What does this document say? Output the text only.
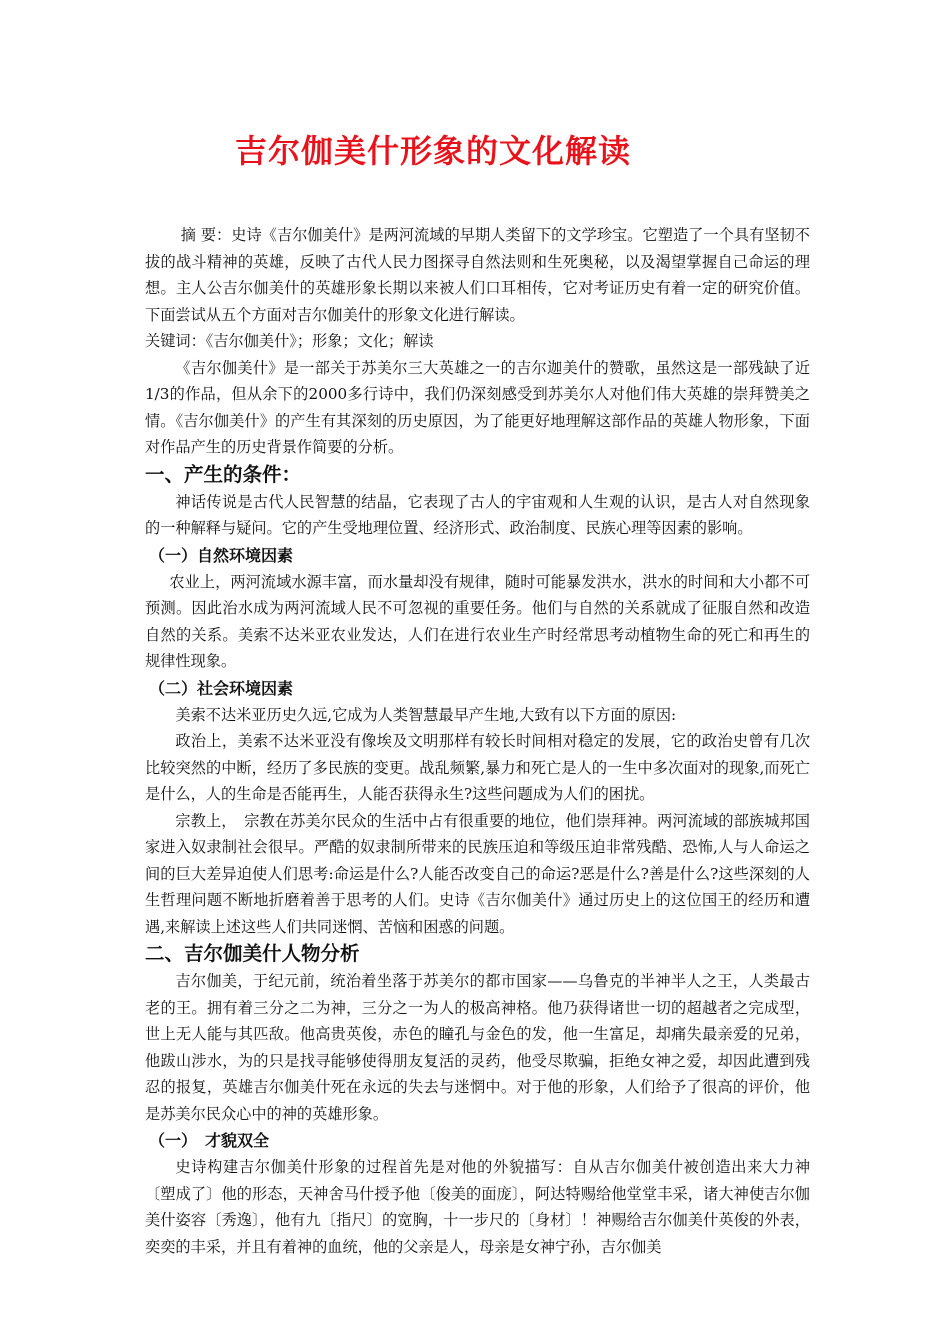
吉尔伽美什形象的文化解读

摘 要：史诗《吉尔伽美什》是两河流域的早期人类留下的文学珍宝。它塑造了一个具有坚韧不拔的战斗精神的英雄，反映了古代人民力图探寻自然法则和生死奥秘，以及渴望掌握自己命运的理想。主人公吉尔伽美什的英雄形象长期以来被人们口耳相传，它对考证历史有着一定的研究价值。下面尝试从五个方面对吉尔伽美什的形象文化进行解读。

关键词：《吉尔伽美什》；形象；文化；解读

《吉尔伽美什》是一部关于苏美尔三大英雄之一的吉尔迦美什的赞歌，虽然这是一部残缺了近1/3的作品，但从余下的2000多行诗中，我们仍深刻感受到苏美尔人对他们伟大英雄的崇拜赞美之情。《吉尔伽美什》的产生有其深刻的历史原因，为了能更好地理解这部作品的英雄人物形象，下面对作品产生的历史背景作简要的分析。

一、产生的条件：

神话传说是古代人民智慧的结晶，它表现了古人的宇宙观和人生观的认识，是古人对自然现象的一种解释与疑问。它的产生受地理位置、经济形式、政治制度、民族心理等因素的影响。

（一）自然环境因素

农业上，两河流域水源丰富，而水量却没有规律，随时可能暴发洪水，洪水的时间和大小都不可预测。因此治水成为两河流域人民不可忽视的重要任务。他们与自然的关系就成了征服自然和改造自然的关系。美索不达米亚农业发达，人们在进行农业生产时经常思考动植物生命的死亡和再生的规律性现象。

（二）社会环境因素

美索不达米亚历史久远,它成为人类智慧最早产生地,大致有以下方面的原因:

政治上，美索不达米亚没有像埃及文明那样有较长时间相对稳定的发展，它的政治史曾有几次比较突然的中断，经历了多民族的变更。战乱频繁,暴力和死亡是人的一生中多次面对的现象,而死亡是什么，人的生命是否能再生，人能否获得永生?这些问题成为人们的困扰。

宗教上，　宗教在苏美尔民众的生活中占有很重要的地位，他们崇拜神。两河流域的部族城邦国家进入奴隶制社会很早。严酷的奴隶制所带来的民族压迫和等级压迫非常残酷、恐怖,人与人命运之间的巨大差异迫使人们思考:命运是什么?人能否改变自己的命运?恶是什么?善是什么?这些深刻的人生哲理问题不断地折磨着善于思考的人们。史诗《吉尔伽美什》通过历史上的这位国王的经历和遭遇,来解读上述这些人们共同迷惘、苦恼和困惑的问题。

二、吉尔伽美什人物分析

吉尔伽美，于纪元前，统治着坐落于苏美尔的都市国家——乌鲁克的半神半人之王，人类最古老的王。拥有着三分之二为神，三分之一为人的极高神格。他乃获得诸世一切的超越者之完成型，世上无人能与其匹敌。他高贵英俊，赤色的瞳孔与金色的发，他一生富足，却痛失最亲爱的兄弟，他跋山涉水，为的只是找寻能够使得朋友复活的灵药，他受尽欺骗，拒绝女神之爱，却因此遭到残忍的报复，英雄吉尔伽美什死在永远的失去与迷惘中。对于他的形象，人们给予了很高的评价，他是苏美尔民众心中的神的英雄形象。

（一）　才貌双全

史诗构建吉尔伽美什形象的过程首先是对他的外貌描写：自从吉尔伽美什被创造出来大力神〔塑成了〕他的形态，天神舍马什授予他〔俊美的面庞〕，阿达特赐给他堂堂丰采，诸大神使吉尔伽美什姿容〔秀逸〕，他有九〔指尺〕的宽胸，十一步尺的〔身材〕！神赐给吉尔伽美什英俊的外表，奕奕的丰采，并且有着神的血统，他的父亲是人，母亲是女神宁孙，吉尔伽美
